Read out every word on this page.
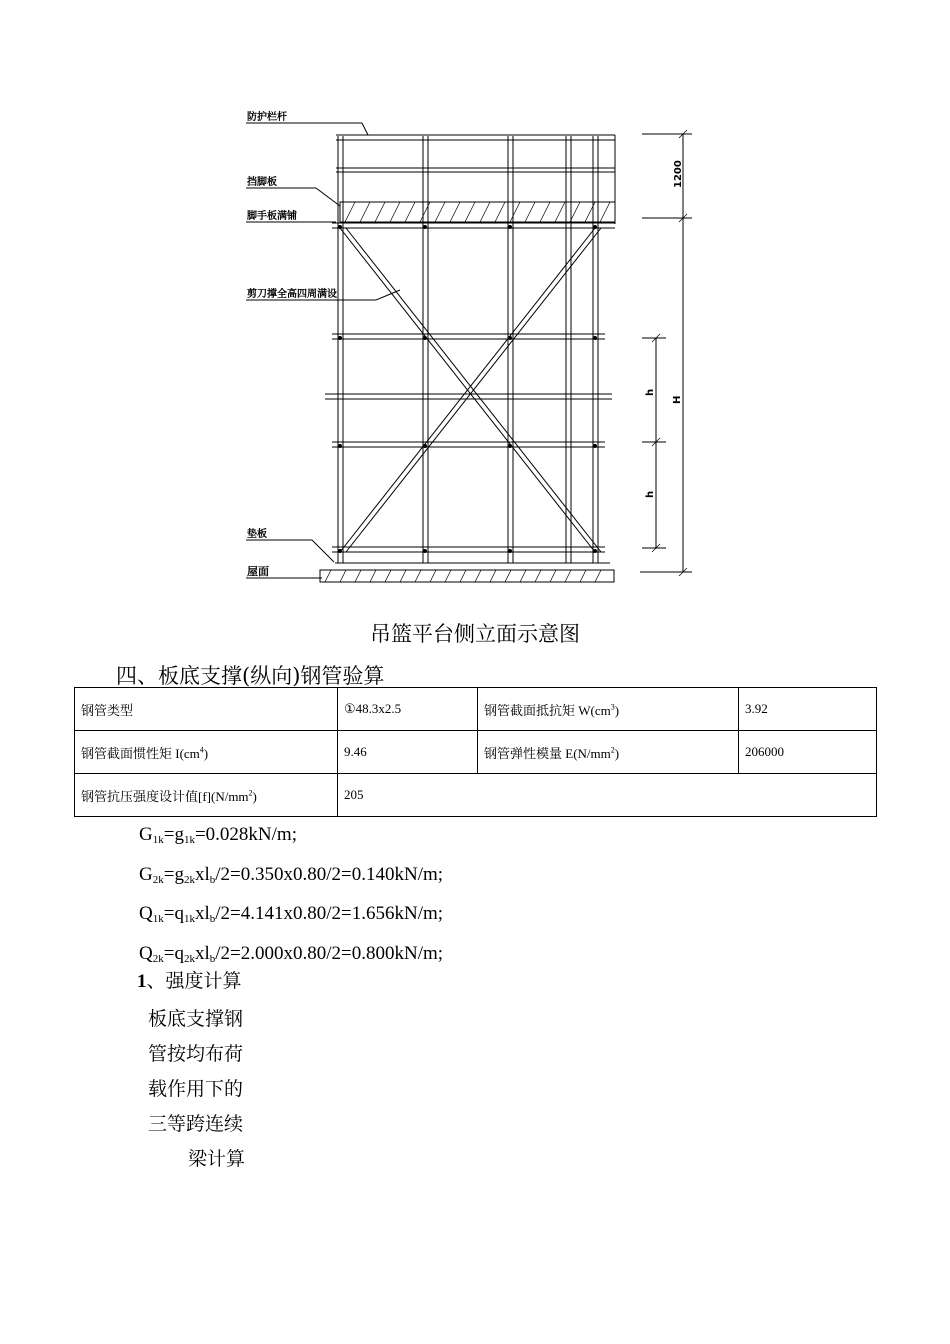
防护栏杆
挡脚板
脚手板满铺
剪刀撑全高四周满设
垫板
屋面
1200
h
h
H
吊篮平台侧立面示意图
四、板底支撑(纵向)钢管验算
钢管类型	①48.3x2.5	钢管截面抵抗矩 $W(cm^3)$	3.92
钢管截面惯性矩 $I(cm^4)$	9.46	钢管弹性模量 $E(N/mm^2)$	206000
钢管抗压强度设计值$[f](N/mm^2)$	205		
$G_{1k}=g_{1k}=0.028kN/m$;
$G_{2k}=g_{2k}xl_b/2=0.350x0.80/2=0.140kN/m$;
$Q_{1k}=q_{1k}xl_b/2=4.141x0.80/2=1.656kN/m$;
$Q_{2k}=q_{2k}xl_b/2=2.000x0.80/2=0.800kN/m$;
1、强度计算
板底支撑钢
管按均布荷
载作用下的
三等跨连续
梁计算
